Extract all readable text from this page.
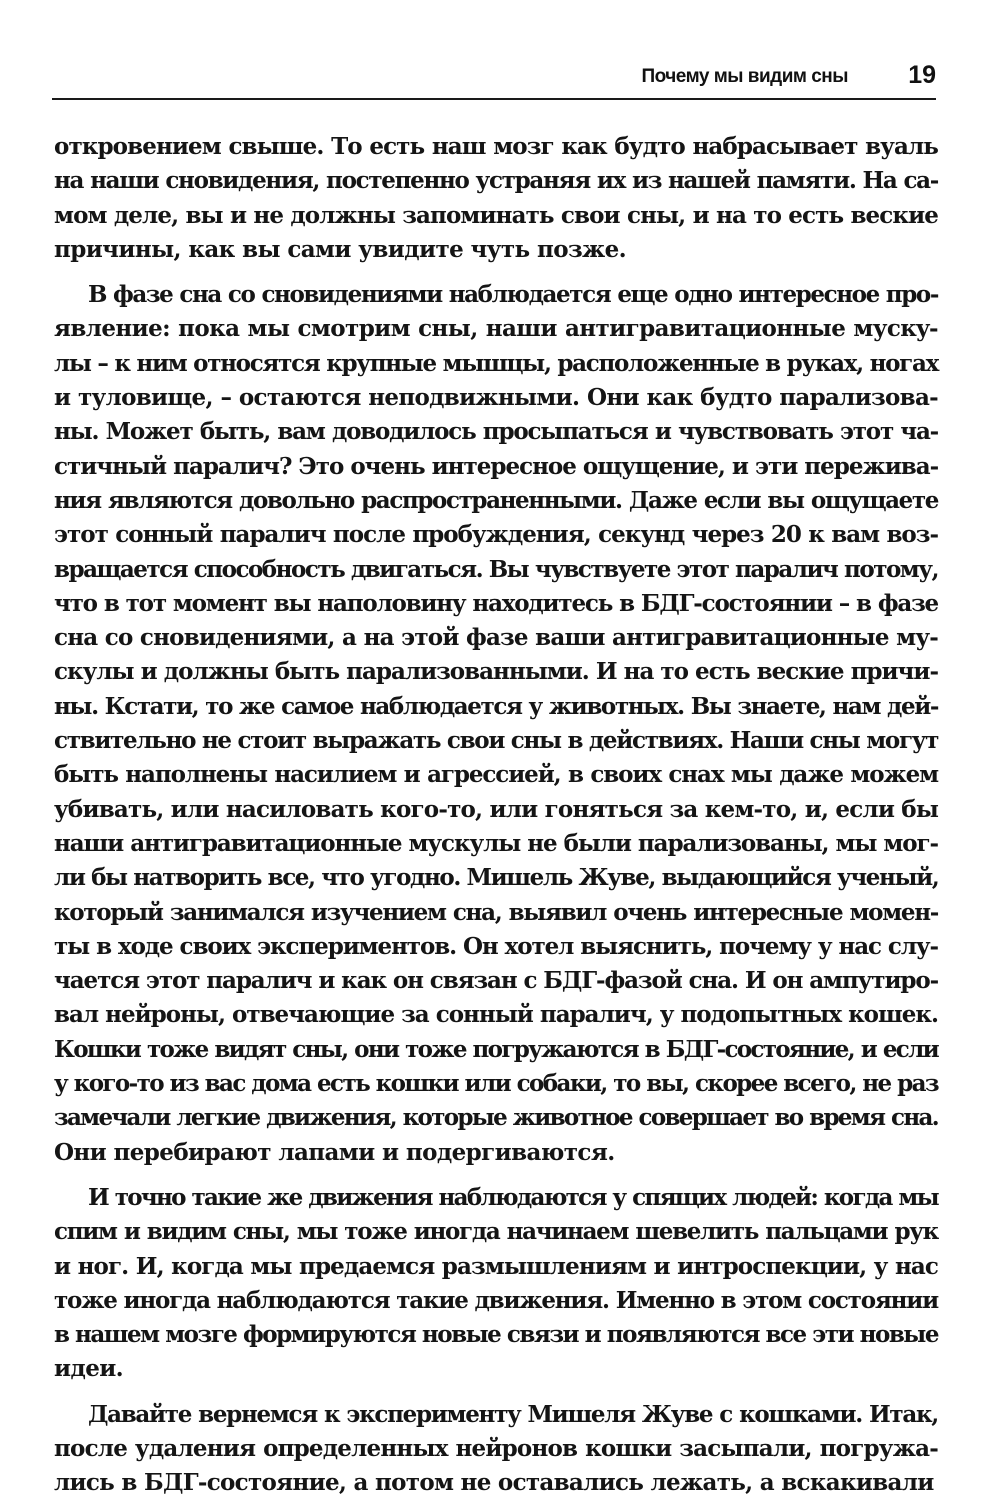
Почему мы видим сны 19
откровением свыше. То есть наш мозг как будто набрасывает вуаль
на наши сновидения, постепенно устраняя их из нашей памяти. На са-
мом деле, вы и не должны запоминать свои сны, и на то есть веские
причины, как вы сами увидите чуть позже.
В фазе сна со сновидениями наблюдается еще одно интересное про-
явление: пока мы смотрим сны, наши антигравитационные мускy-
лы – к ним относятся крупные мышцы, расположенные в руках, ногах
и туловище, – остаются неподвижными. Они как будто парализова-
ны. Может быть, вам доводилось просыпаться и чувствовать этот ча-
стичный паралич? Это очень интересное ощущение, и эти пережива-
ния являются довольно распространенными. Даже если вы ощущаете
этот сонный паралич после пробуждения, секунд через 20 к вам воз-
вращается способность двигаться. Вы чувствуете этот паралич потому,
что в тот момент вы наполовину находитесь в БДГ-состоянии – в фазе
сна со сновидениями, а на этой фазе ваши антигравитационные му-
скулы и должны быть парализованными. И на то есть веские причи-
ны. Кстати, то же самое наблюдается у животных. Вы знаете, нам дей-
ствительно не стоит выражать свои сны в действиях. Наши сны могут
быть наполнены насилием и агрессией, в своих снах мы даже можем
убивать, или насиловать кого-то, или гоняться за кем-то, и, если бы
наши антигравитационные мускулы не были парализованы, мы мог-
ли бы натворить все, что угодно. Мишель Жуве, выдающийся ученый,
который занимался изучением сна, выявил очень интересные момен-
ты в ходе своих экспериментов. Он хотел выяснить, почему у нас слу-
чается этот паралич и как он связан с БДГ-фазой сна. И он ампутиро-
вал нейроны, отвечающие за сонный паралич, у подопытных кошек.
Кошки тоже видят сны, они тоже погружаются в БДГ-состояние, и если
у кого-то из вас дома есть кошки или собаки, то вы, скорее всего, не раз
замечали легкие движения, которые животное совершает во время сна.
Они перебирают лапами и подергиваются.
И точно такие же движения наблюдаются у спящих людей: когда мы
спим и видим сны, мы тоже иногда начинаем шевелить пальцами рук
и ног. И, когда мы предаемся размышлениям и интроспекции, у нас
тоже иногда наблюдаются такие движения. Именно в этом состоянии
в нашем мозге формируются новые связи и появляются все эти новые
идеи.
Давайте вернемся к эксперименту Мишеля Жуве с кошками. Итак,
после удаления определенных нейронов кошки засыпали, погружа-
лись в БДГ-состояние, а потом не оставались лежать, а вскакивали
